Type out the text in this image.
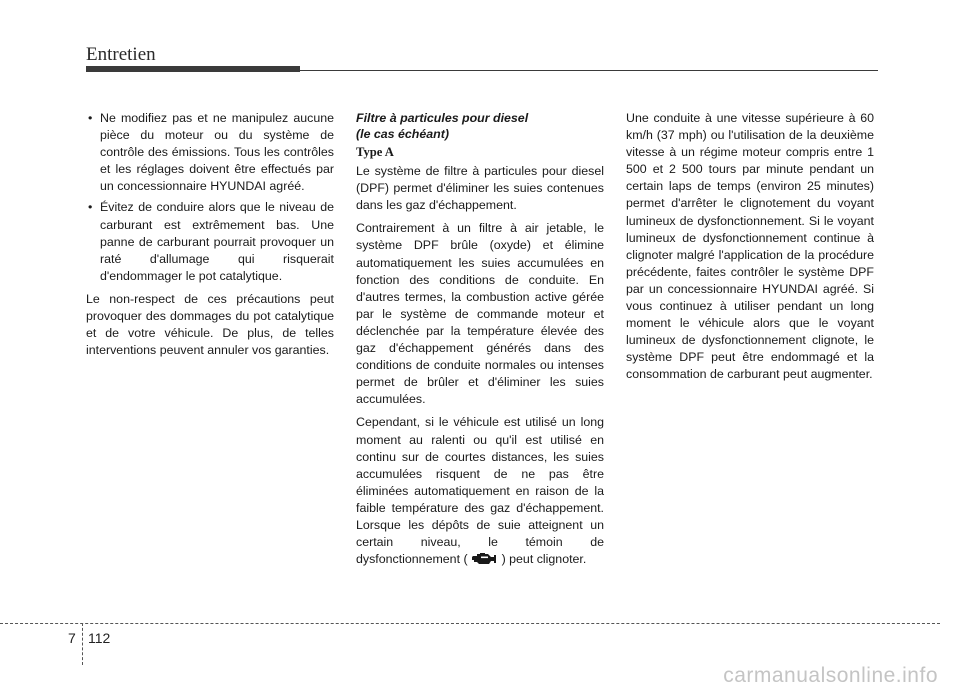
Entretien
• Ne modifiez pas et ne manipulez aucune pièce du moteur ou du système de contrôle des émissions. Tous les contrôles et les réglages doivent être effectués par un concessionnaire HYUNDAI agréé.
• Évitez de conduire alors que le niveau de carburant est extrêmement bas. Une panne de carburant pourrait provoquer un raté d'allumage qui risquerait d'endommager le pot catalytique.

Le non-respect de ces précautions peut provoquer des dommages du pot catalytique et de votre véhicule. De plus, de telles interventions peuvent annuler vos garanties.

Filtre à particules pour diesel
(le cas échéant)
Type A

Le système de filtre à particules pour diesel (DPF) permet d'éliminer les suies contenues dans les gaz d'échappement.

Contrairement à un filtre à air jetable, le système DPF brûle (oxyde) et élimine automatiquement les suies accumulées en fonction des conditions de conduite. En d'autres termes, la combustion active gérée par le système de commande moteur et déclenchée par la température élevée des gaz d'échappement générés dans des conditions de conduite normales ou intenses permet de brûler et d'éliminer les suies accumulées.

Cependant, si le véhicule est utilisé un long moment au ralenti ou qu'il est utilisé en continu sur de courtes distances, les suies accumulées risquent de ne pas être éliminées automatiquement en raison de la faible température des gaz d'échappement. Lorsque les dépôts de suie atteignent un certain niveau, le témoin de dysfonctionnement (	) peut clignoter.

Une conduite à une vitesse supérieure à 60 km/h (37 mph) ou l'utilisation de la deuxième vitesse à un régime moteur compris entre 1 500 et 2 500 tours par minute pendant un certain laps de temps (environ 25 minutes) permet d'arrêter le clignotement du voyant lumineux de dysfonctionnement. Si le voyant lumineux de dysfonctionnement continue à clignoter malgré l'application de la procédure précédente, faites contrôler le système DPF par un concessionnaire HYUNDAI agréé. Si vous continuez à utiliser pendant un long moment le véhicule alors que le voyant lumineux de dysfonctionnement clignote, le système DPF peut être endommagé et la consommation de carburant peut augmenter.

7 112
carmanualsonline.info
